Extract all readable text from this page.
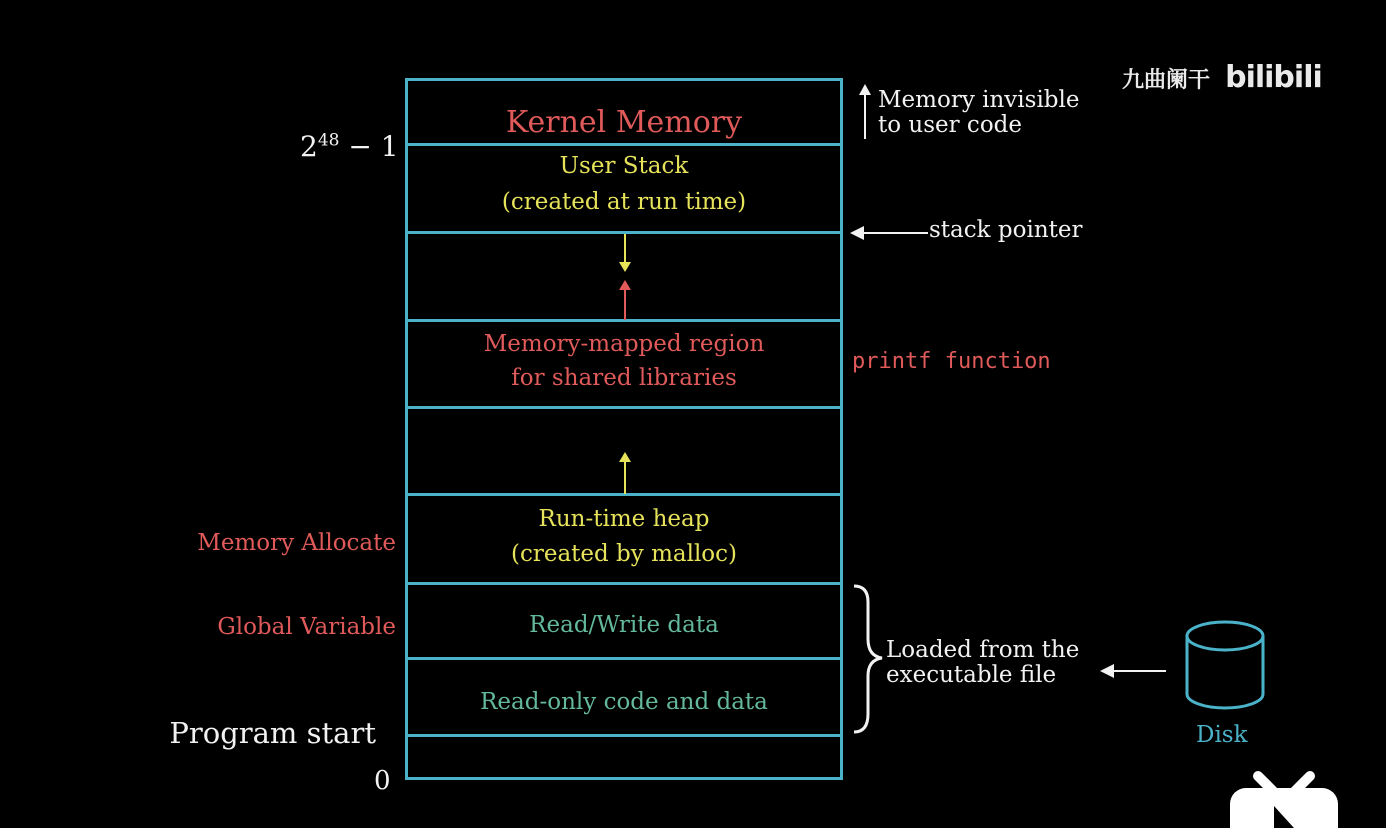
九曲阑干 bilibili
Kernel Memory
User Stack
(created at run time)
Memory-mapped region
for shared libraries
Run-time heap
(created by malloc)
Read/Write data
Read-only code and data
$2^{48} - 1$
0
Memory Allocate
Global Variable
Program start
Memory invisible
to user code
stack pointer
printf function
Loaded from the
executable file
Disk
